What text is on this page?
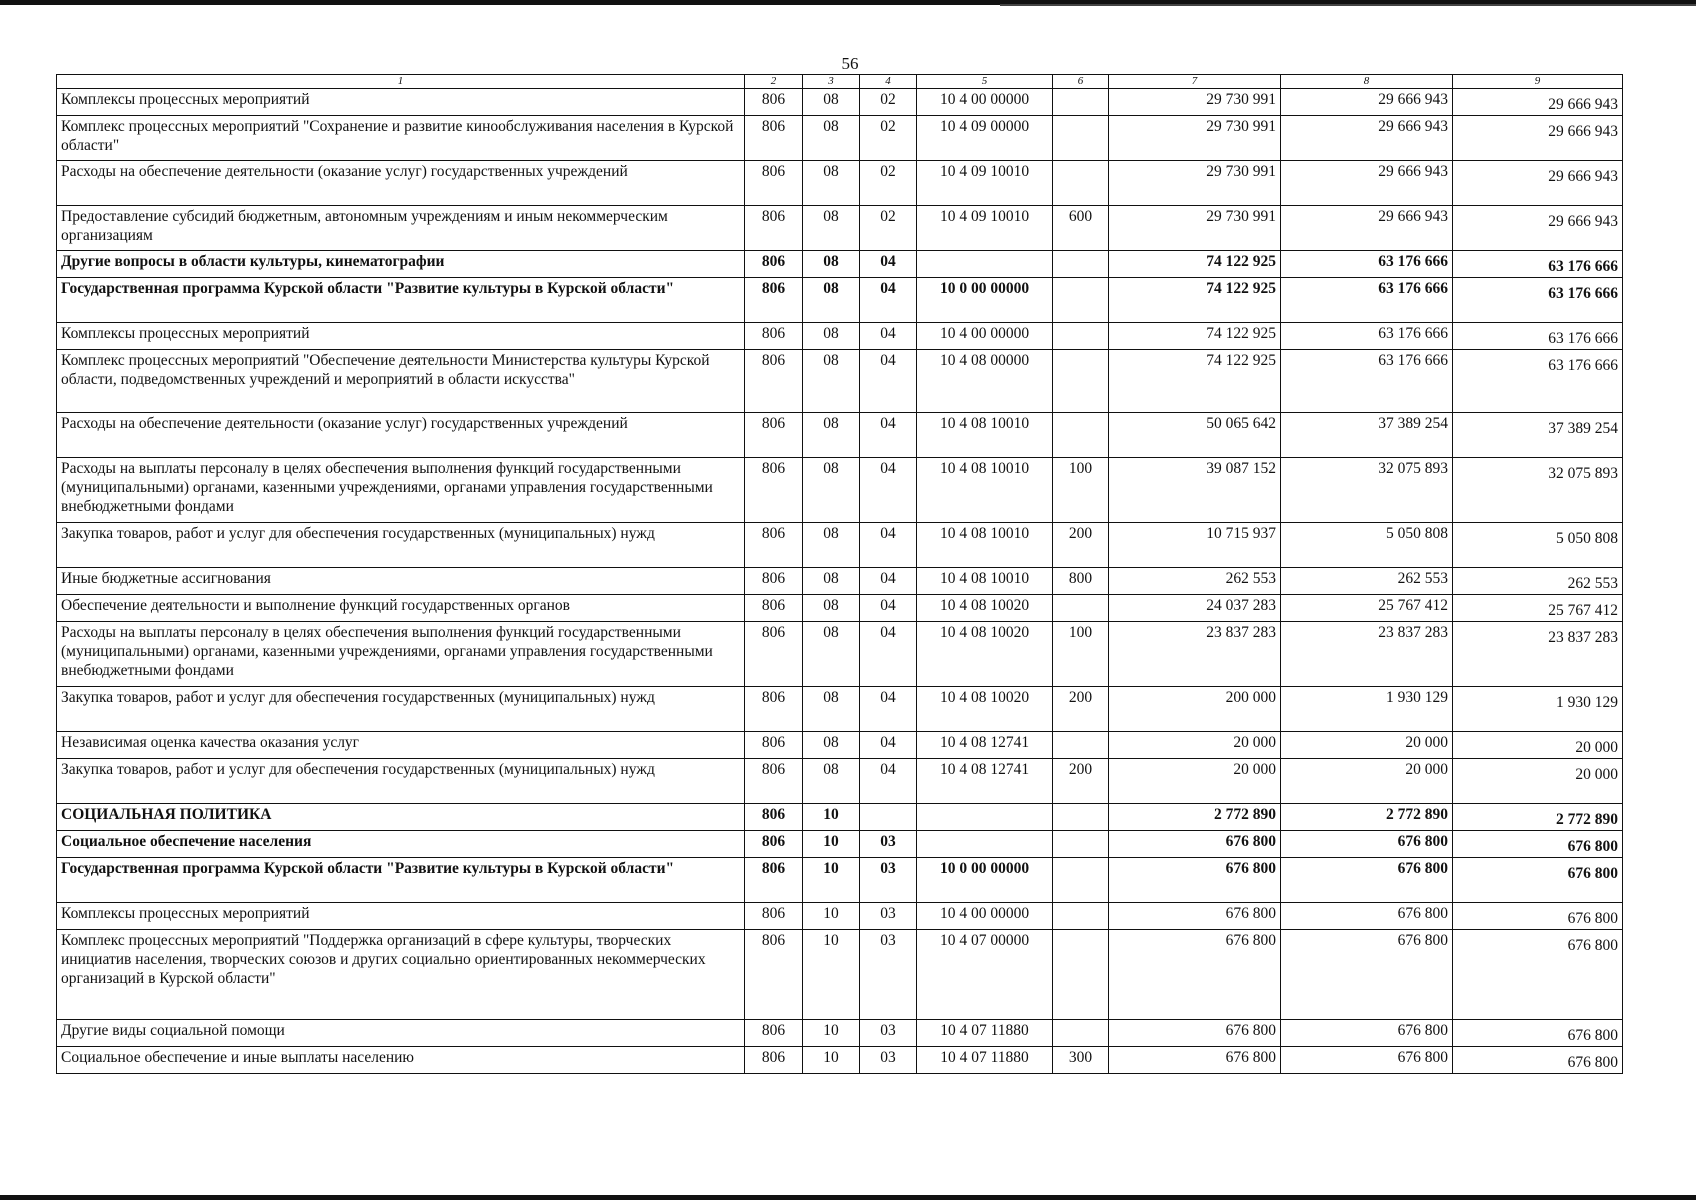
56
1	2	3	4	5	6	7	8	9
Комплексы процессных мероприятий	806	08	02	10 4 00 00000		29 730 991	29 666 943	29 666 943
Комплекс процессных мероприятий "Сохранение и развитие кинообслуживания населения в Курской области"	806	08	02	10 4 09 00000		29 730 991	29 666 943	29 666 943
Расходы на обеспечение деятельности (оказание услуг) государственных учреждений	806	08	02	10 4 09 10010		29 730 991	29 666 943	29 666 943
Предоставление субсидий бюджетным, автономным учреждениям и иным некоммерческим организациям	806	08	02	10 4 09 10010	600	29 730 991	29 666 943	29 666 943
Другие вопросы в области культуры, кинематографии	806	08	04			74 122 925	63 176 666	63 176 666
Государственная программа Курской области "Развитие культуры в Курской области"	806	08	04	10 0 00 00000		74 122 925	63 176 666	63 176 666
Комплексы процессных мероприятий	806	08	04	10 4 00 00000		74 122 925	63 176 666	63 176 666
Комплекс процессных мероприятий "Обеспечение деятельности Министерства культуры Курской области, подведомственных учреждений и мероприятий в области искусства"	806	08	04	10 4 08 00000		74 122 925	63 176 666	63 176 666
Расходы на обеспечение деятельности (оказание услуг) государственных учреждений	806	08	04	10 4 08 10010		50 065 642	37 389 254	37 389 254
Расходы на выплаты персоналу в целях обеспечения выполнения функций государственными (муниципальными) органами, казенными учреждениями, органами управления государственными внебюджетными фондами	806	08	04	10 4 08 10010	100	39 087 152	32 075 893	32 075 893
Закупка товаров, работ и услуг для обеспечения государственных (муниципальных) нужд	806	08	04	10 4 08 10010	200	10 715 937	5 050 808	5 050 808
Иные бюджетные ассигнования	806	08	04	10 4 08 10010	800	262 553	262 553	262 553
Обеспечение деятельности и выполнение функций государственных органов	806	08	04	10 4 08 10020		24 037 283	25 767 412	25 767 412
Расходы на выплаты персоналу в целях обеспечения выполнения функций государственными (муниципальными) органами, казенными учреждениями, органами управления государственными внебюджетными фондами	806	08	04	10 4 08 10020	100	23 837 283	23 837 283	23 837 283
Закупка товаров, работ и услуг для обеспечения государственных (муниципальных) нужд	806	08	04	10 4 08 10020	200	200 000	1 930 129	1 930 129
Независимая оценка качества оказания услуг	806	08	04	10 4 08 12741		20 000	20 000	20 000
Закупка товаров, работ и услуг для обеспечения государственных (муниципальных) нужд	806	08	04	10 4 08 12741	200	20 000	20 000	20 000
СОЦИАЛЬНАЯ ПОЛИТИКА	806	10				2 772 890	2 772 890	2 772 890
Социальное обеспечение населения	806	10	03			676 800	676 800	676 800
Государственная программа Курской области "Развитие культуры в Курской области"	806	10	03	10 0 00 00000		676 800	676 800	676 800
Комплексы процессных мероприятий	806	10	03	10 4 00 00000		676 800	676 800	676 800
Комплекс процессных мероприятий "Поддержка организаций в сфере культуры, творческих инициатив населения, творческих союзов и других социально ориентированных некоммерческих организаций в Курской области"	806	10	03	10 4 07 00000		676 800	676 800	676 800
Другие виды социальной помощи	806	10	03	10 4 07 11880		676 800	676 800	676 800
Социальное обеспечение и иные выплаты населению	806	10	03	10 4 07 11880	300	676 800	676 800	676 800
